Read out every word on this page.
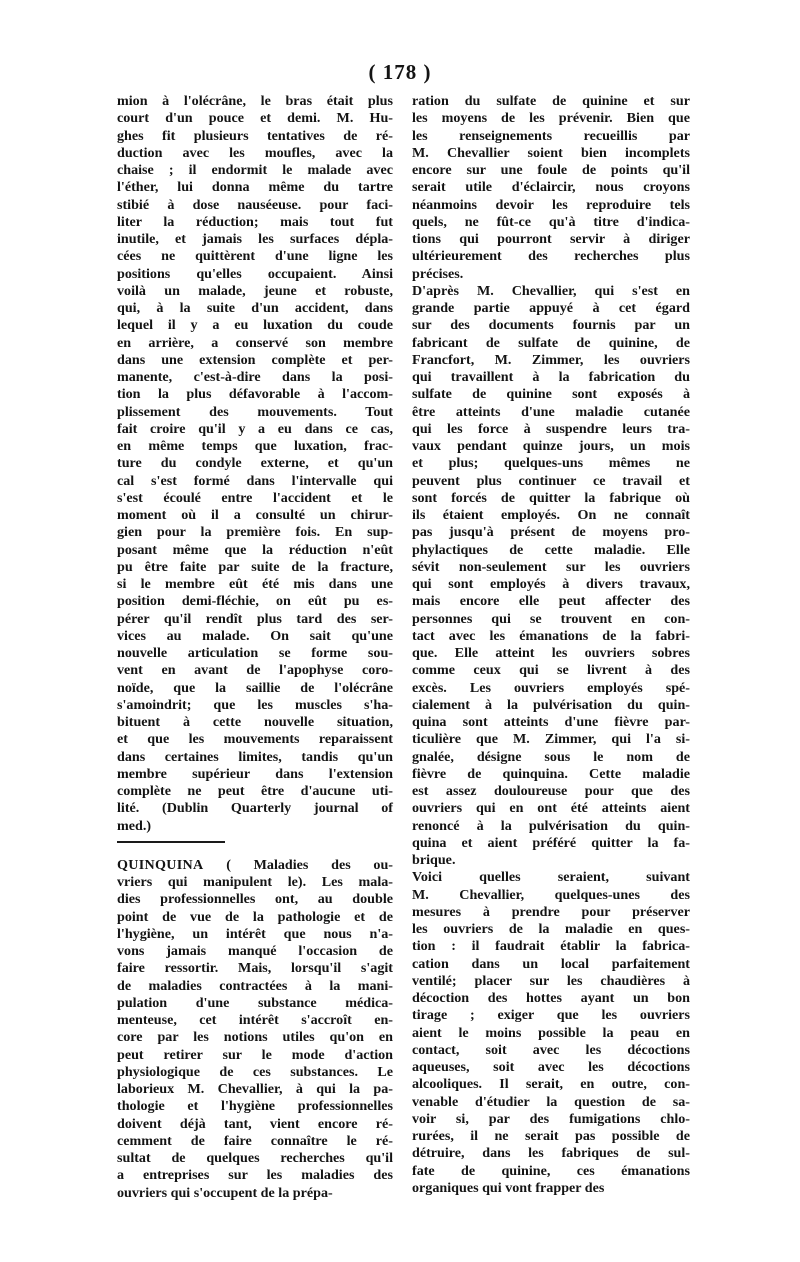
( 178 )
mion à l'olécrâne, le bras était plus
court d'un pouce et demi. M. Hu-
ghes fit plusieurs tentatives de ré-
duction avec les moufles, avec la
chaise ; il endormit le malade avec
l'éther, lui donna même du tartre
stibié à dose nauséeuse. pour faci-
liter la réduction; mais tout fut
inutile, et jamais les surfaces dépla-
cées ne quittèrent d'une ligne les
positions qu'elles occupaient. Ainsi
voilà un malade, jeune et robuste,
qui, à la suite d'un accident, dans
lequel il y a eu luxation du coude
en arrière, a conservé son membre
dans une extension complète et per-
manente, c'est-à-dire dans la posi-
tion la plus défavorable à l'accom-
plissement des mouvements. Tout
fait croire qu'il y a eu dans ce cas,
en même temps que luxation, frac-
ture du condyle externe, et qu'un
cal s'est formé dans l'intervalle qui
s'est écoulé entre l'accident et le
moment où il a consulté un chirur-
gien pour la première fois. En sup-
posant même que la réduction n'eût
pu être faite par suite de la fracture,
si le membre eût été mis dans une
position demi-fléchie, on eût pu es-
pérer qu'il rendît plus tard des ser-
vices au malade. On sait qu'une
nouvelle articulation se forme sou-
vent en avant de l'apophyse coro-
noïde, que la saillie de l'olécrâne
s'amoindrit; que les muscles s'ha-
bituent à cette nouvelle situation,
et que les mouvements reparaissent
dans certaines limites, tandis qu'un
membre supérieur dans l'extension
complète ne peut être d'aucune uti-
lité. (Dublin Quarterly journal of
med.)
QUINQUINA ( Maladies des ou-
vriers qui manipulent le). Les mala-
dies professionnelles ont, au double
point de vue de la pathologie et de
l'hygiène, un intérêt que nous n'a-
vons jamais manqué l'occasion de
faire ressortir. Mais, lorsqu'il s'agit
de maladies contractées à la mani-
pulation d'une substance médica-
menteuse, cet intérêt s'accroît en-
core par les notions utiles qu'on en
peut retirer sur le mode d'action
physiologique de ces substances. Le
laborieux M. Chevallier, à qui la pa-
thologie et l'hygiène professionnelles
doivent déjà tant, vient encore ré-
cemment de faire connaître le ré-
sultat de quelques recherches qu'il
a entreprises sur les maladies des
ouvriers qui s'occupent de la prépa-
ration du sulfate de quinine et sur
les moyens de les prévenir. Bien que
les renseignements recueillis par
M. Chevallier soient bien incomplets
encore sur une foule de points qu'il
serait utile d'éclaircir, nous croyons
néanmoins devoir les reproduire tels
quels, ne fût-ce qu'à titre d'indica-
tions qui pourront servir à diriger
ultérieurement des recherches plus
précises.
D'après M. Chevallier, qui s'est en
grande partie appuyé à cet égard
sur des documents fournis par un
fabricant de sulfate de quinine, de
Francfort, M. Zimmer, les ouvriers
qui travaillent à la fabrication du
sulfate de quinine sont exposés à
être atteints d'une maladie cutanée
qui les force à suspendre leurs tra-
vaux pendant quinze jours, un mois
et plus; quelques-uns mêmes ne
peuvent plus continuer ce travail et
sont forcés de quitter la fabrique où
ils étaient employés. On ne connaît
pas jusqu'à présent de moyens pro-
phylactiques de cette maladie. Elle
sévit non-seulement sur les ouvriers
qui sont employés à divers travaux,
mais encore elle peut affecter des
personnes qui se trouvent en con-
tact avec les émanations de la fabri-
que. Elle atteint les ouvriers sobres
comme ceux qui se livrent à des
excès. Les ouvriers employés spé-
cialement à la pulvérisation du quin-
quina sont atteints d'une fièvre par-
ticulière que M. Zimmer, qui l'a si-
gnalée, désigne sous le nom de
fièvre de quinquina. Cette maladie
est assez douloureuse pour que des
ouvriers qui en ont été atteints aient
renoncé à la pulvérisation du quin-
quina et aient préféré quitter la fa-
brique.
Voici quelles seraient, suivant
M. Chevallier, quelques-unes des
mesures à prendre pour préserver
les ouvriers de la maladie en ques-
tion : il faudrait établir la fabrica-
cation dans un local parfaitement
ventilé; placer sur les chaudières à
décoction des hottes ayant un bon
tirage ; exiger que les ouvriers
aient le moins possible la peau en
contact, soit avec les décoctions
aqueuses, soit avec les décoctions
alcooliques. Il serait, en outre, con-
venable d'étudier la question de sa-
voir si, par des fumigations chlo-
rurées, il ne serait pas possible de
détruire, dans les fabriques de sul-
fate de quinine, ces émanations
organiques qui vont frapper des
